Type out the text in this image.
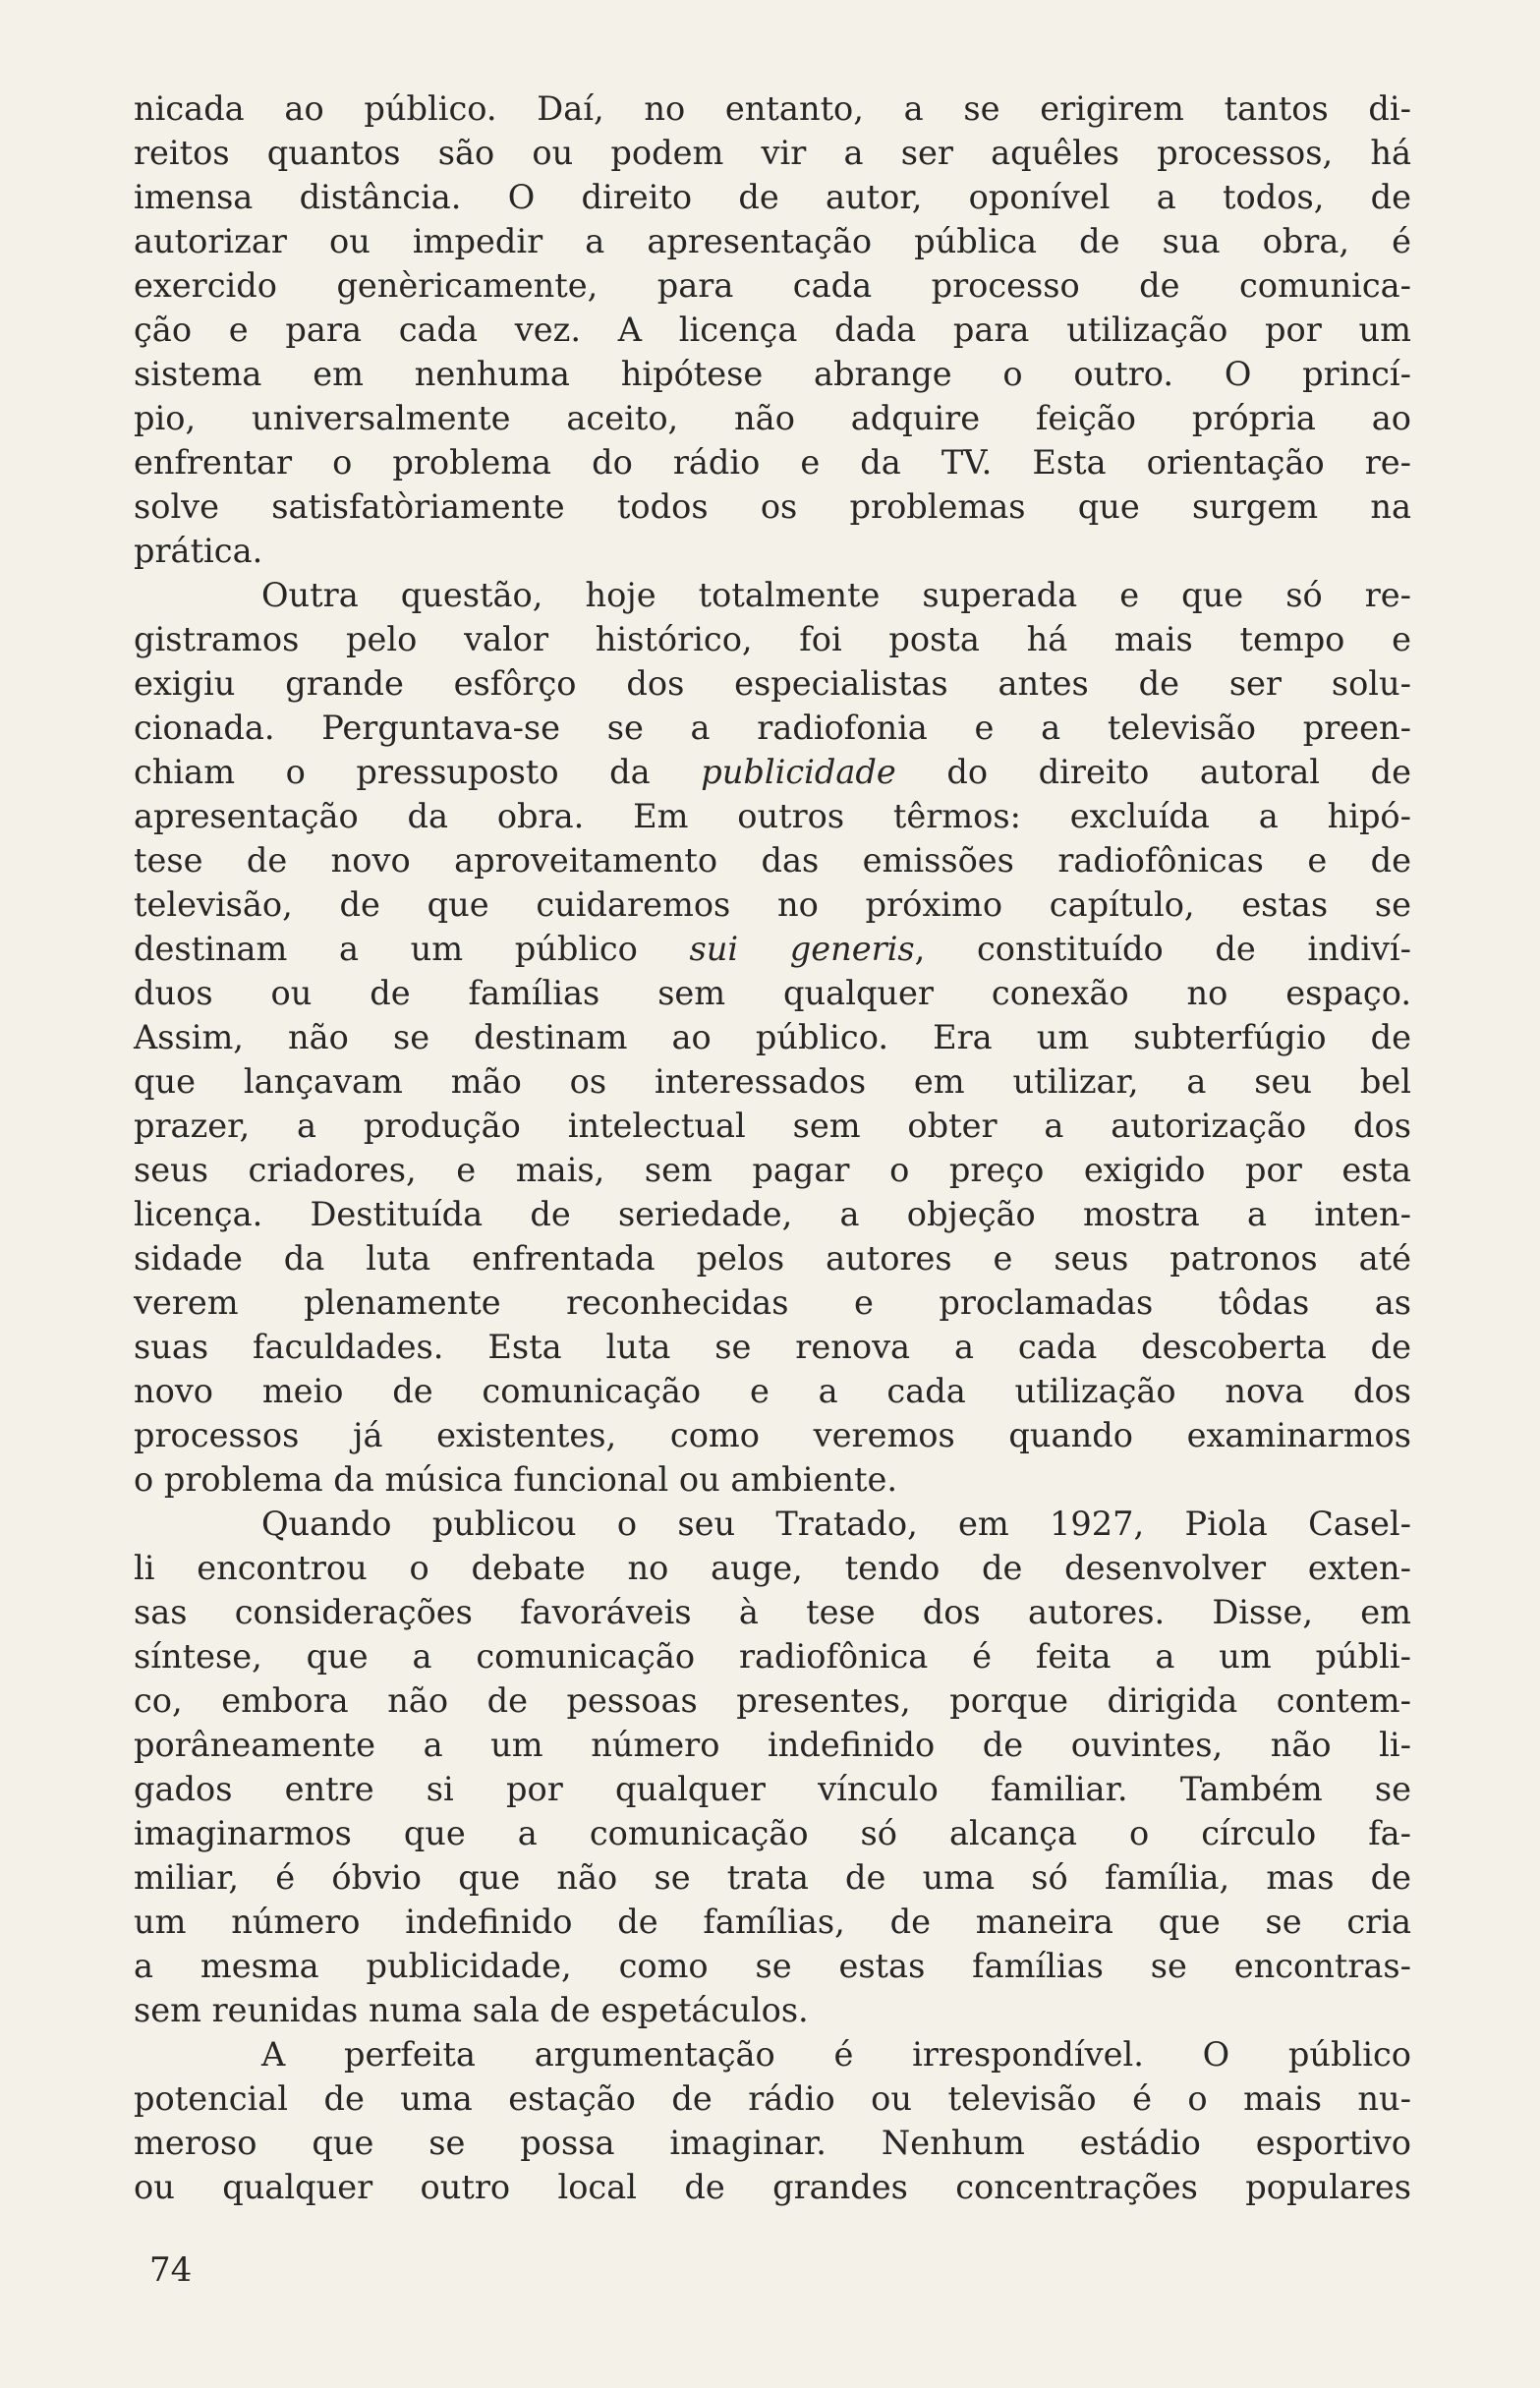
nicada ao público. Daí, no entanto, a se erigirem tantos di-
reitos quantos são ou podem vir a ser aquêles processos, há
imensa distância. O direito de autor, oponível a todos, de
autorizar ou impedir a apresentação pública de sua obra, é
exercido genèricamente, para cada processo de comunica-
ção e para cada vez. A licença dada para utilização por um
sistema em nenhuma hipótese abrange o outro. O princí-
pio, universalmente aceito, não adquire feição própria ao
enfrentar o problema do rádio e da TV. Esta orientação re-
solve satisfatòriamente todos os problemas que surgem na
prática.
Outra questão, hoje totalmente superada e que só re-
gistramos pelo valor histórico, foi posta há mais tempo e
exigiu grande esfôrço dos especialistas antes de ser solu-
cionada. Perguntava-se se a radiofonia e a televisão preen-
chiam o pressuposto da publicidade do direito autoral de
apresentação da obra. Em outros têrmos: excluída a hipó-
tese de novo aproveitamento das emissões radiofônicas e de
televisão, de que cuidaremos no próximo capítulo, estas se
destinam a um público sui generis, constituído de indiví-
duos ou de famílias sem qualquer conexão no espaço.
Assim, não se destinam ao público. Era um subterfúgio de
que lançavam mão os interessados em utilizar, a seu bel
prazer, a produção intelectual sem obter a autorização dos
seus criadores, e mais, sem pagar o preço exigido por esta
licença. Destituída de seriedade, a objeção mostra a inten-
sidade da luta enfrentada pelos autores e seus patronos até
verem plenamente reconhecidas e proclamadas tôdas as
suas faculdades. Esta luta se renova a cada descoberta de
novo meio de comunicação e a cada utilização nova dos
processos já existentes, como veremos quando examinarmos
o problema da música funcional ou ambiente.
Quando publicou o seu Tratado, em 1927, Piola Casel-
li encontrou o debate no auge, tendo de desenvolver exten-
sas considerações favoráveis à tese dos autores. Disse, em
síntese, que a comunicação radiofônica é feita a um públi-
co, embora não de pessoas presentes, porque dirigida contem-
porâneamente a um número indefinido de ouvintes, não li-
gados entre si por qualquer vínculo familiar. Também se
imaginarmos que a comunicação só alcança o círculo fa-
miliar, é óbvio que não se trata de uma só família, mas de
um número indefinido de famílias, de maneira que se cria
a mesma publicidade, como se estas famílias se encontras-
sem reunidas numa sala de espetáculos.
A perfeita argumentação é irrespondível. O público
potencial de uma estação de rádio ou televisão é o mais nu-
meroso que se possa imaginar. Nenhum estádio esportivo
ou qualquer outro local de grandes concentrações populares
74
